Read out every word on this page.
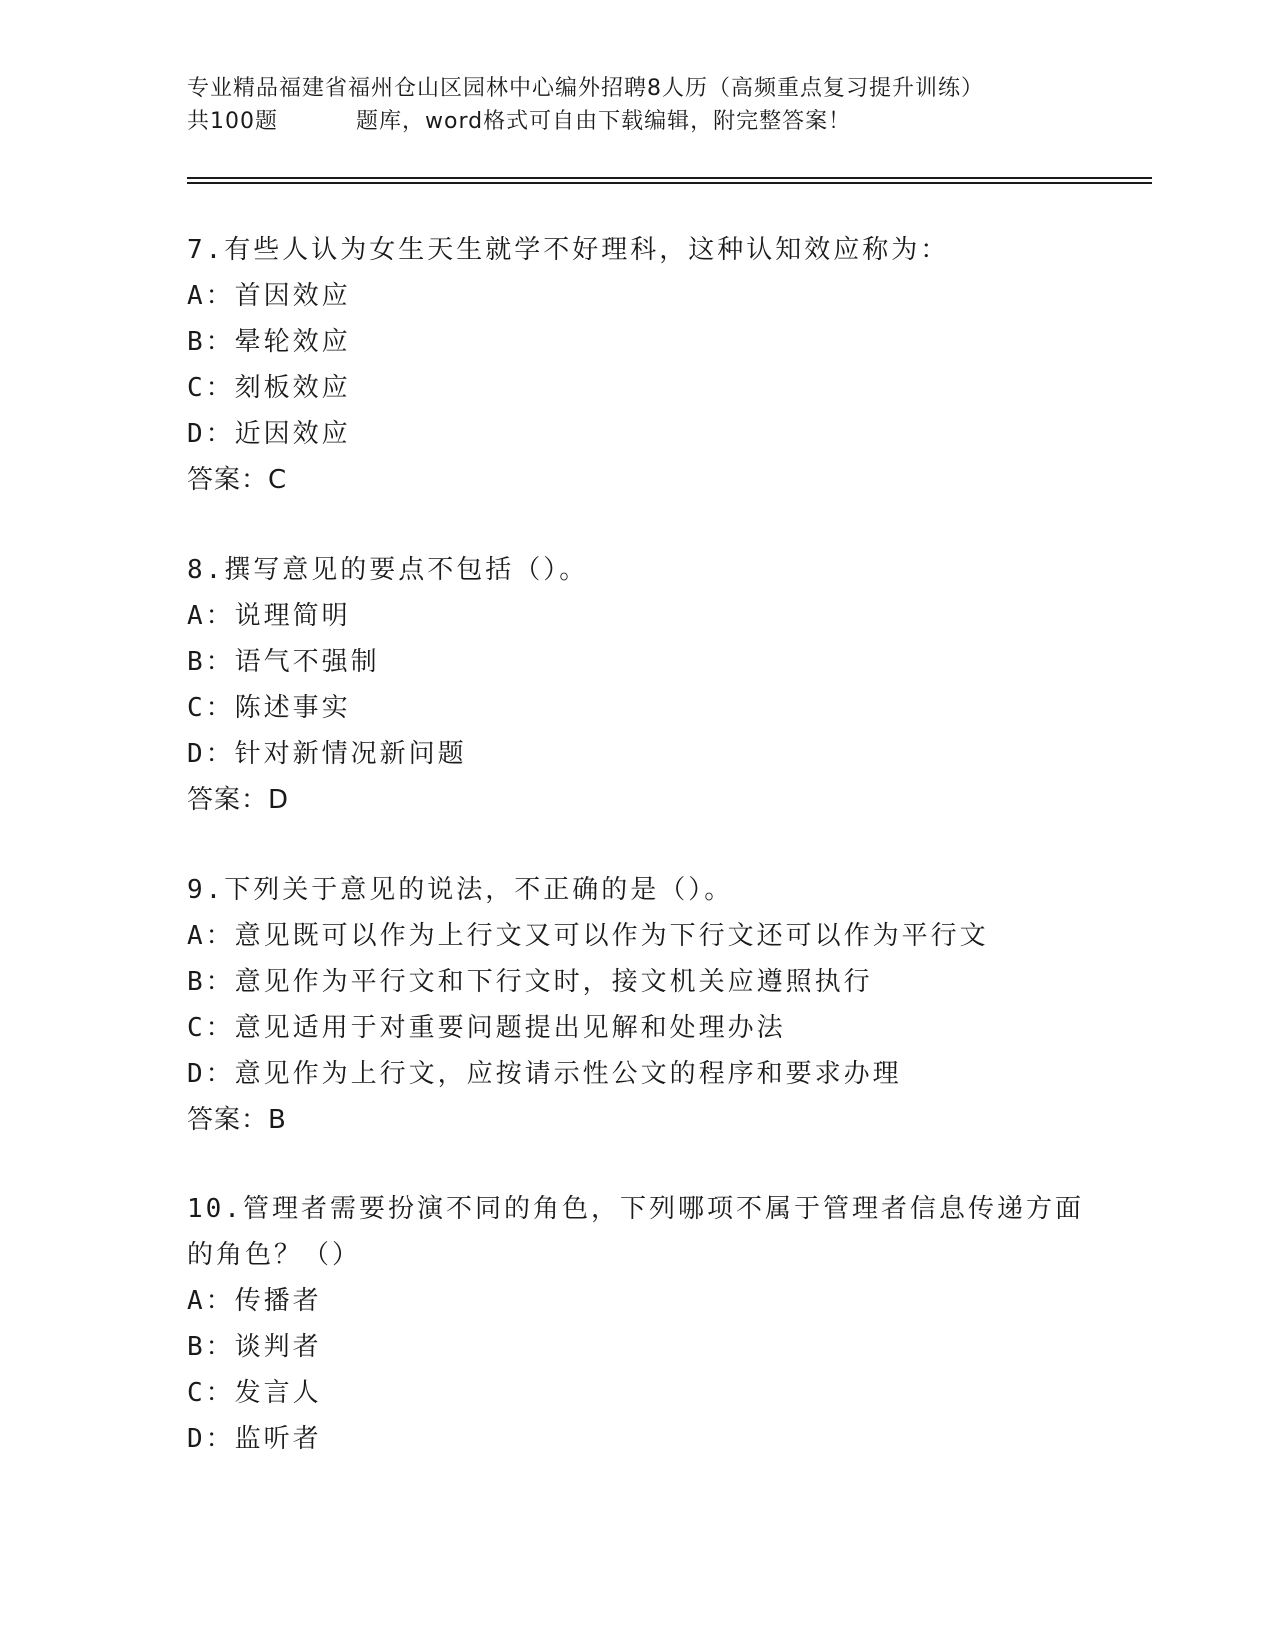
专业精品福建省福州仓山区园林中心编外招聘8人历（高频重点复习提升训练）
共100题	题库，word格式可自由下载编辑，附完整答案！
7.有些人认为女生天生就学不好理科，这种认知效应称为：
A：首因效应
B：晕轮效应
C：刻板效应
D：近因效应
答案：C
8.撰写意见的要点不包括（）。
A：说理简明
B：语气不强制
C：陈述事实
D：针对新情况新问题
答案：D
9.下列关于意见的说法，不正确的是（）。
A：意见既可以作为上行文又可以作为下行文还可以作为平行文
B：意见作为平行文和下行文时，接文机关应遵照执行
C：意见适用于对重要问题提出见解和处理办法
D：意见作为上行文，应按请示性公文的程序和要求办理
答案：B
10.管理者需要扮演不同的角色，下列哪项不属于管理者信息传递方面
的角色？（）
A：传播者
B：谈判者
C：发言人
D：监听者
